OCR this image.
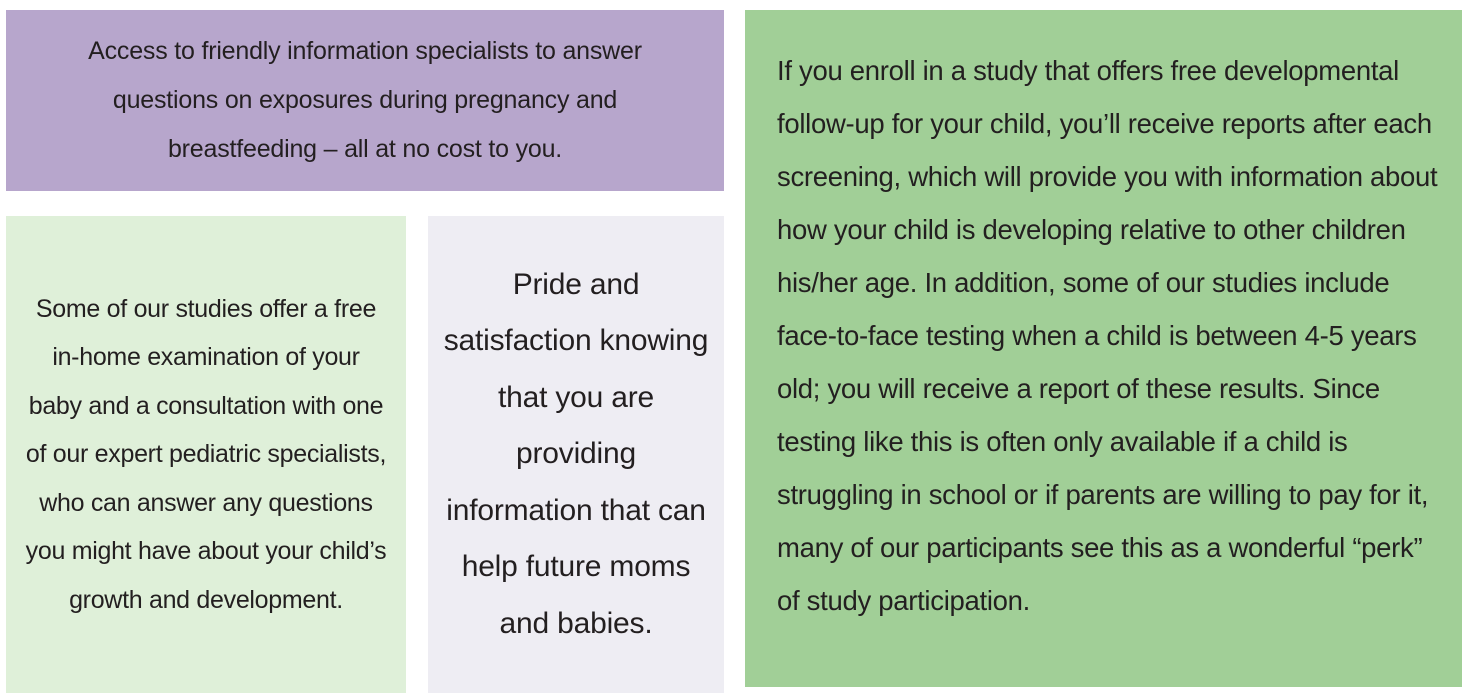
Access to friendly information specialists to answer questions on exposures during pregnancy and breastfeeding – all at no cost to you.

Some of our studies offer a free in-home examination of your baby and a consultation with one of our expert pediatric specialists, who can answer any questions you might have about your child’s growth and development.

Pride and satisfaction knowing that you are providing information that can help future moms and babies.

If you enroll in a study that offers free developmental follow-up for your child, you’ll receive reports after each screening, which will provide you with information about how your child is developing relative to other children his/her age. In addition, some of our studies include face-to-face testing when a child is between 4-5 years old; you will receive a report of these results. Since testing like this is often only available if a child is struggling in school or if parents are willing to pay for it, many of our participants see this as a wonderful “perk” of study participation.
